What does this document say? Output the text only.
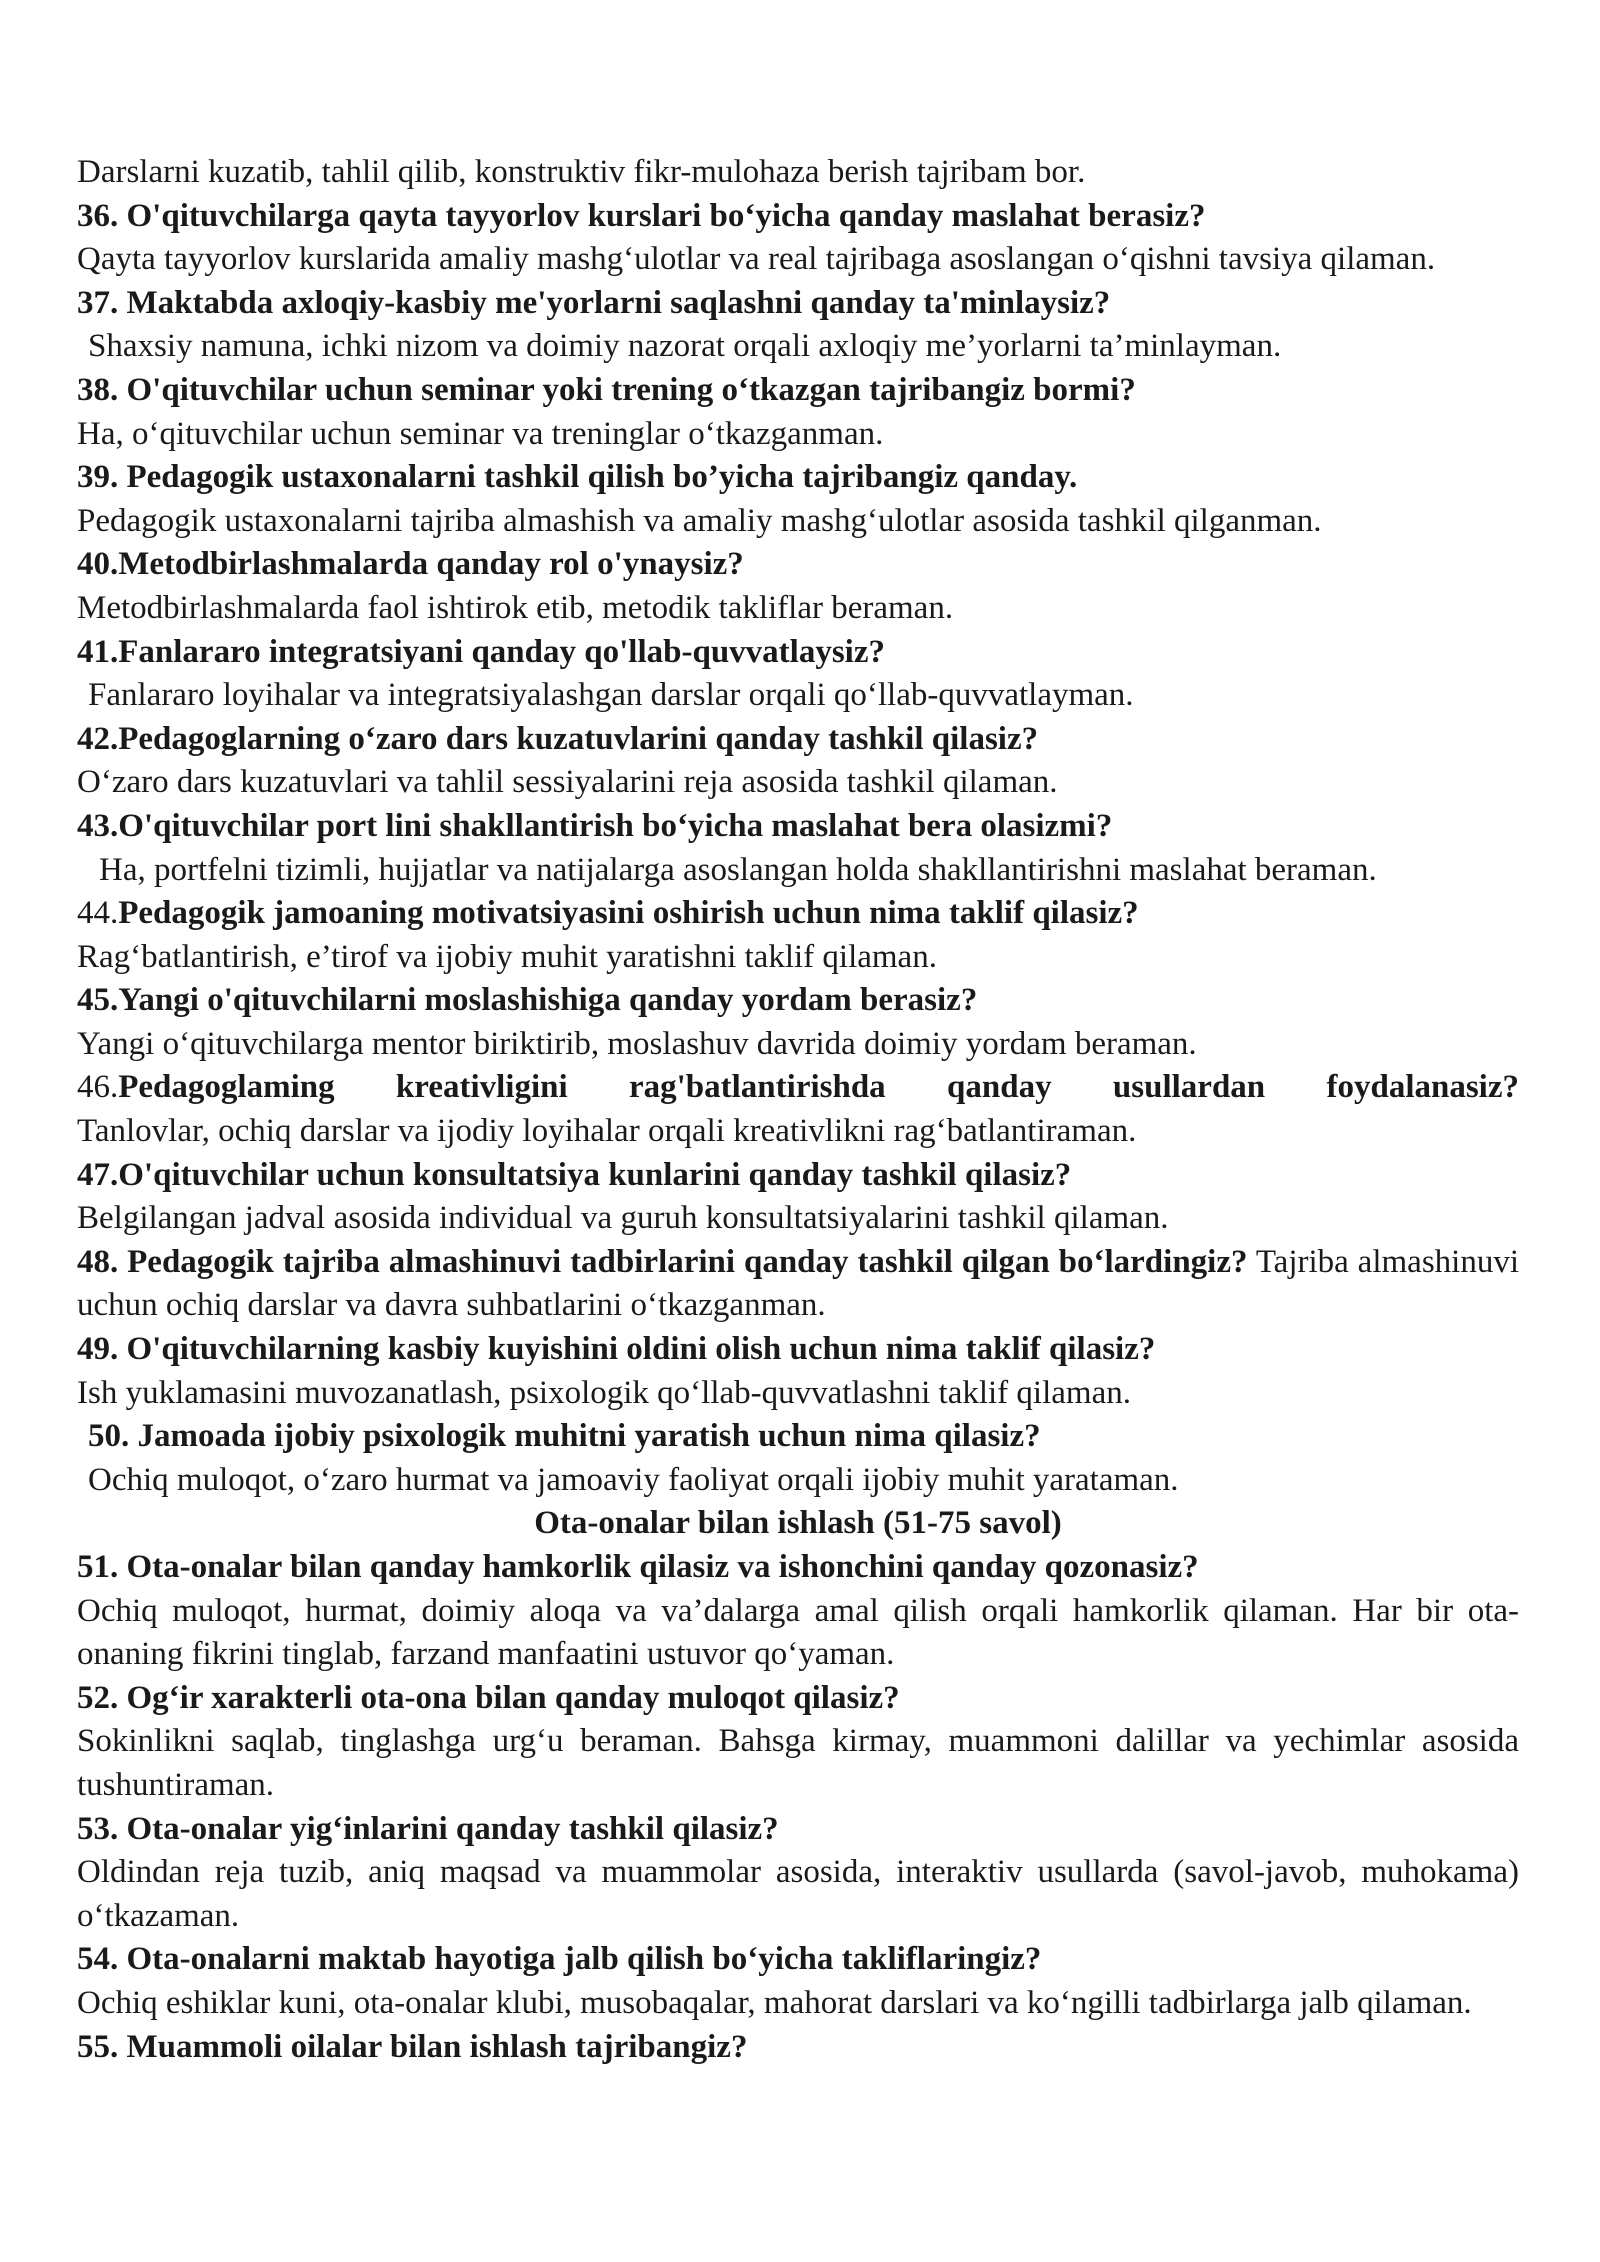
Darslarni kuzatib, tahlil qilib, konstruktiv fikr-mulohaza berish tajribam bor.

36. O'qituvchilarga qayta tayyorlov kurslari bo‘yicha qanday maslahat berasiz?

Qayta tayyorlov kurslarida amaliy mashg‘ulotlar va real tajribaga asoslangan o‘qishni tavsiya qilaman.

37. Maktabda axloqiy-kasbiy me'yorlarni saqlashni qanday ta'minlaysiz?

Shaxsiy namuna, ichki nizom va doimiy nazorat orqali axloqiy me’yorlarni ta’minlayman.

38. O'qituvchilar uchun seminar yoki trening o‘tkazgan tajribangiz bormi?

Ha, o‘qituvchilar uchun seminar va treninglar o‘tkazganman.

39. Pedagogik ustaxonalarni tashkil qilish bo’yicha tajribangiz qanday.

Pedagogik ustaxonalarni tajriba almashish va amaliy mashg‘ulotlar asosida tashkil qilganman.

40.Metodbirlashmalarda qanday rol o'ynaysiz?

Metodbirlashmalarda faol ishtirok etib, metodik takliflar beraman.

41.Fanlararo integratsiyani qanday qo'llab-quvvatlaysiz?

Fanlararo loyihalar va integratsiyalashgan darslar orqali qo‘llab-quvvatlayman.

42.Pedagoglarning o‘zaro dars kuzatuvlarini qanday tashkil qilasiz?

O‘zaro dars kuzatuvlari va tahlil sessiyalarini reja asosida tashkil qilaman.

43.O'qituvchilar port lini shakllantirish bo‘yicha maslahat bera olasizmi?

Ha, portfelni tizimli, hujjatlar va natijalarga asoslangan holda shakllantirishni maslahat beraman.

44.Pedagogik jamoaning motivatsiyasini oshirish uchun nima taklif qilasiz?

Rag‘batlantirish, e’tirof va ijobiy muhit yaratishni taklif qilaman.

45.Yangi o'qituvchilarni moslashishiga qanday yordam berasiz?

Yangi o‘qituvchilarga mentor biriktirib, moslashuv davrida doimiy yordam beraman.

46.Pedagoglaming kreativligini rag'batlantirishda qanday usullardan foydalanasiz?

Tanlovlar, ochiq darslar va ijodiy loyihalar orqali kreativlikni rag‘batlantiraman.

47.O'qituvchilar uchun konsultatsiya kunlarini qanday tashkil qilasiz?

Belgilangan jadval asosida individual va guruh konsultatsiyalarini tashkil qilaman.

48. Pedagogik tajriba almashinuvi tadbirlarini qanday tashkil qilgan bo‘lardingiz? Tajriba almashinuvi uchun ochiq darslar va davra suhbatlarini o‘tkazganman.

49. O'qituvchilarning kasbiy kuyishini oldini olish uchun nima taklif qilasiz?

Ish yuklamasini muvozanatlash, psixologik qo‘llab-quvvatlashni taklif qilaman.

50. Jamoada ijobiy psixologik muhitni yaratish uchun nima qilasiz?

Ochiq muloqot, o‘zaro hurmat va jamoaviy faoliyat orqali ijobiy muhit yarataman.

Ota-onalar bilan ishlash (51-75 savol)

51. Ota-onalar bilan qanday hamkorlik qilasiz va ishonchini qanday qozonasiz?

Ochiq muloqot, hurmat, doimiy aloqa va va’dalarga amal qilish orqali hamkorlik qilaman. Har bir ota-onaning fikrini tinglab, farzand manfaatini ustuvor qo‘yaman.

52. Og‘ir xarakterli ota-ona bilan qanday muloqot qilasiz?

Sokinlikni saqlab, tinglashga urg‘u beraman. Bahsga kirmay, muammoni dalillar va yechimlar asosida tushuntiraman.

53. Ota-onalar yig‘inlarini qanday tashkil qilasiz?

Oldindan reja tuzib, aniq maqsad va muammolar asosida, interaktiv usullarda (savol-javob, muhokama) o‘tkazaman.

54. Ota-onalarni maktab hayotiga jalb qilish bo‘yicha takliflaringiz?

Ochiq eshiklar kuni, ota-onalar klubi, musobaqalar, mahorat darslari va ko‘ngilli tadbirlarga jalb qilaman.

55. Muammoli oilalar bilan ishlash tajribangiz?
